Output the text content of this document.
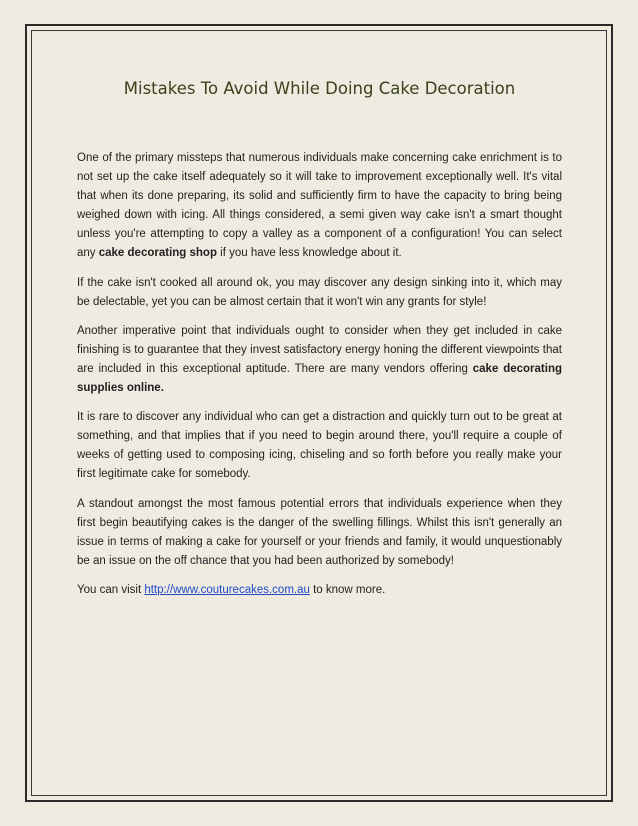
Mistakes To Avoid While Doing Cake Decoration

One of the primary missteps that numerous individuals make concerning cake enrichment is to not set up the cake itself adequately so it will take to improvement exceptionally well. It's vital that when its done preparing, its solid and sufficiently firm to have the capacity to bring being weighed down with icing. All things considered, a semi given way cake isn't a smart thought unless you're attempting to copy a valley as a component of a configuration! You can select any cake decorating shop if you have less knowledge about it.

If the cake isn't cooked all around ok, you may discover any design sinking into it, which may be delectable, yet you can be almost certain that it won't win any grants for style!

Another imperative point that individuals ought to consider when they get included in cake finishing is to guarantee that they invest satisfactory energy honing the different viewpoints that are included in this exceptional aptitude. There are many vendors offering cake decorating supplies online.

It is rare to discover any individual who can get a distraction and quickly turn out to be great at something, and that implies that if you need to begin around there, you'll require a couple of weeks of getting used to composing icing, chiseling and so forth before you really make your first legitimate cake for somebody.

A standout amongst the most famous potential errors that individuals experience when they first begin beautifying cakes is the danger of the swelling fillings. Whilst this isn't generally an issue in terms of making a cake for yourself or your friends and family, it would unquestionably be an issue on the off chance that you had been authorized by somebody!

You can visit http://www.couturecakes.com.au to know more.
